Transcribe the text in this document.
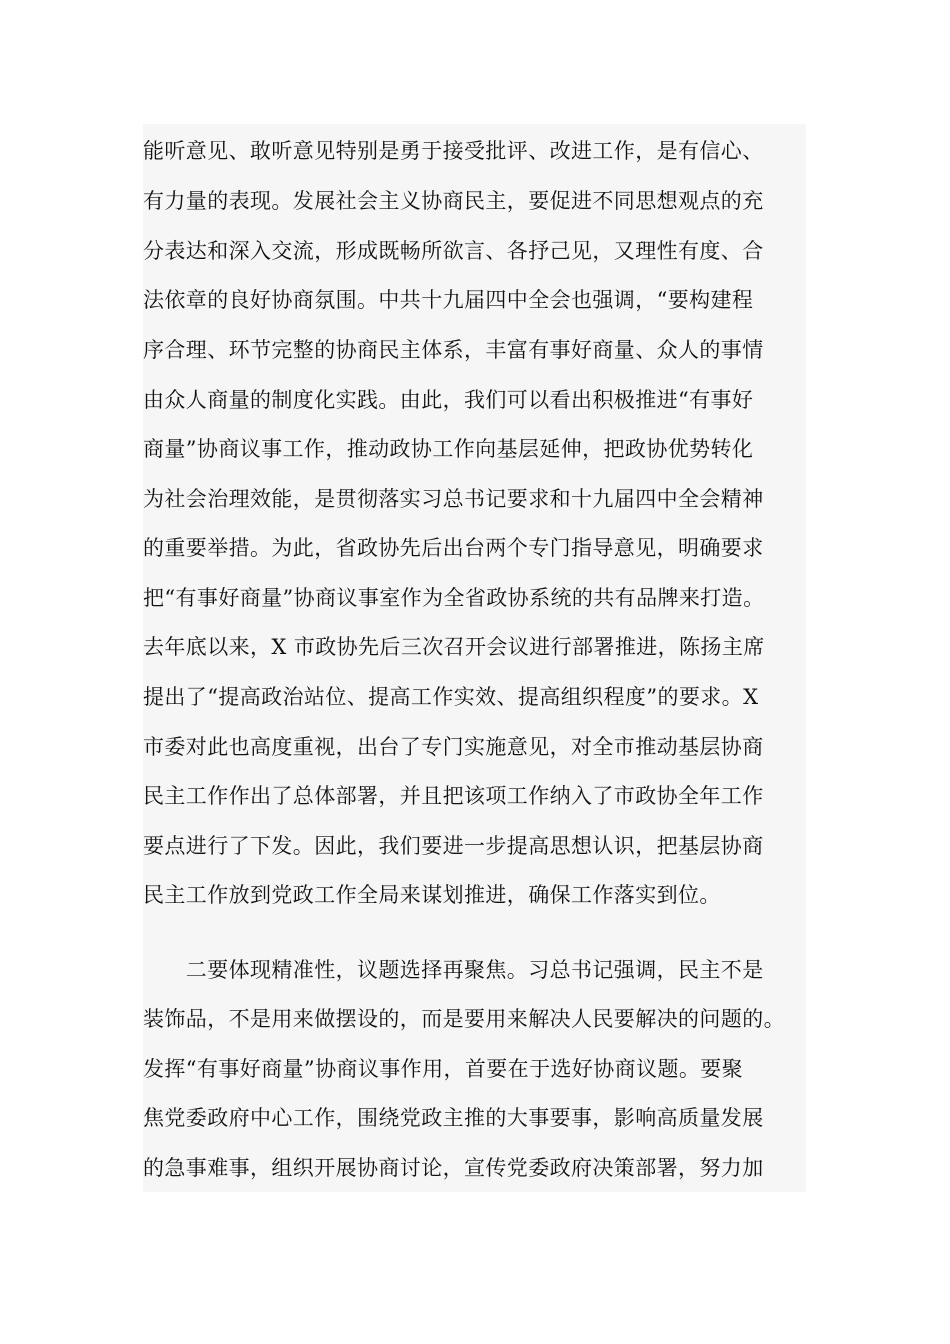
能听意见、敢听意见特别是勇于接受批评、改进工作，是有信心、
有力量的表现。发展社会主义协商民主，要促进不同思想观点的充
分表达和深入交流，形成既畅所欲言、各抒己见，又理性有度、合
法依章的良好协商氛围。中共十九届四中全会也强调，“要构建程
序合理、环节完整的协商民主体系，丰富有事好商量、众人的事情
由众人商量的制度化实践。由此，我们可以看出积极推进“有事好
商量”协商议事工作，推动政协工作向基层延伸，把政协优势转化
为社会治理效能，是贯彻落实习总书记要求和十九届四中全会精神
的重要举措。为此，省政协先后出台两个专门指导意见，明确要求
把“有事好商量”协商议事室作为全省政协系统的共有品牌来打造。
去年底以来，X 市政协先后三次召开会议进行部署推进，陈扬主席
提出了“提高政治站位、提高工作实效、提高组织程度”的要求。X
市委对此也高度重视，出台了专门实施意见，对全市推动基层协商
民主工作作出了总体部署，并且把该项工作纳入了市政协全年工作
要点进行了下发。因此，我们要进一步提高思想认识，把基层协商
民主工作放到党政工作全局来谋划推进，确保工作落实到位。
　　二要体现精准性，议题选择再聚焦。习总书记强调，民主不是
装饰品，不是用来做摆设的，而是要用来解决人民要解决的问题的。
发挥“有事好商量”协商议事作用，首要在于选好协商议题。要聚
焦党委政府中心工作，围绕党政主推的大事要事，影响高质量发展
的急事难事，组织开展协商讨论，宣传党委政府决策部署，努力加
